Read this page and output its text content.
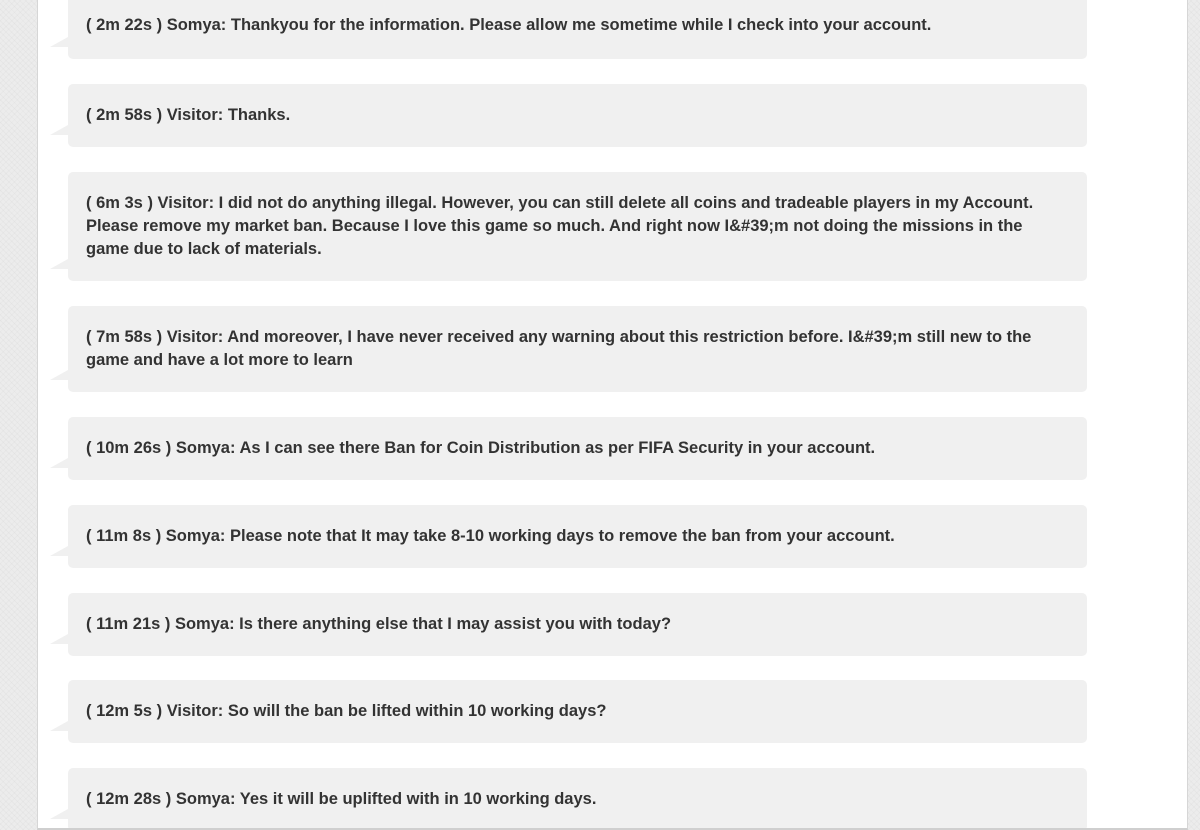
( 2m 22s ) Somya: Thankyou for the information. Please allow me sometime while I check into your account.
( 2m 58s ) Visitor: Thanks.
( 6m 3s ) Visitor: I did not do anything illegal. However, you can still delete all coins and tradeable players in my Account. Please remove my market ban. Because I love this game so much. And right now I&#39;m not doing the missions in the game due to lack of materials.
( 7m 58s ) Visitor: And moreover, I have never received any warning about this restriction before. I&#39;m still new to the game and have a lot more to learn
( 10m 26s ) Somya: As I can see there Ban for Coin Distribution as per FIFA Security in your account.
( 11m 8s ) Somya: Please note that It may take 8-10 working days to remove the ban from your account.
( 11m 21s ) Somya: Is there anything else that I may assist you with today?
( 12m 5s ) Visitor: So will the ban be lifted within 10 working days?
( 12m 28s ) Somya: Yes it will be uplifted with in 10 working days.
